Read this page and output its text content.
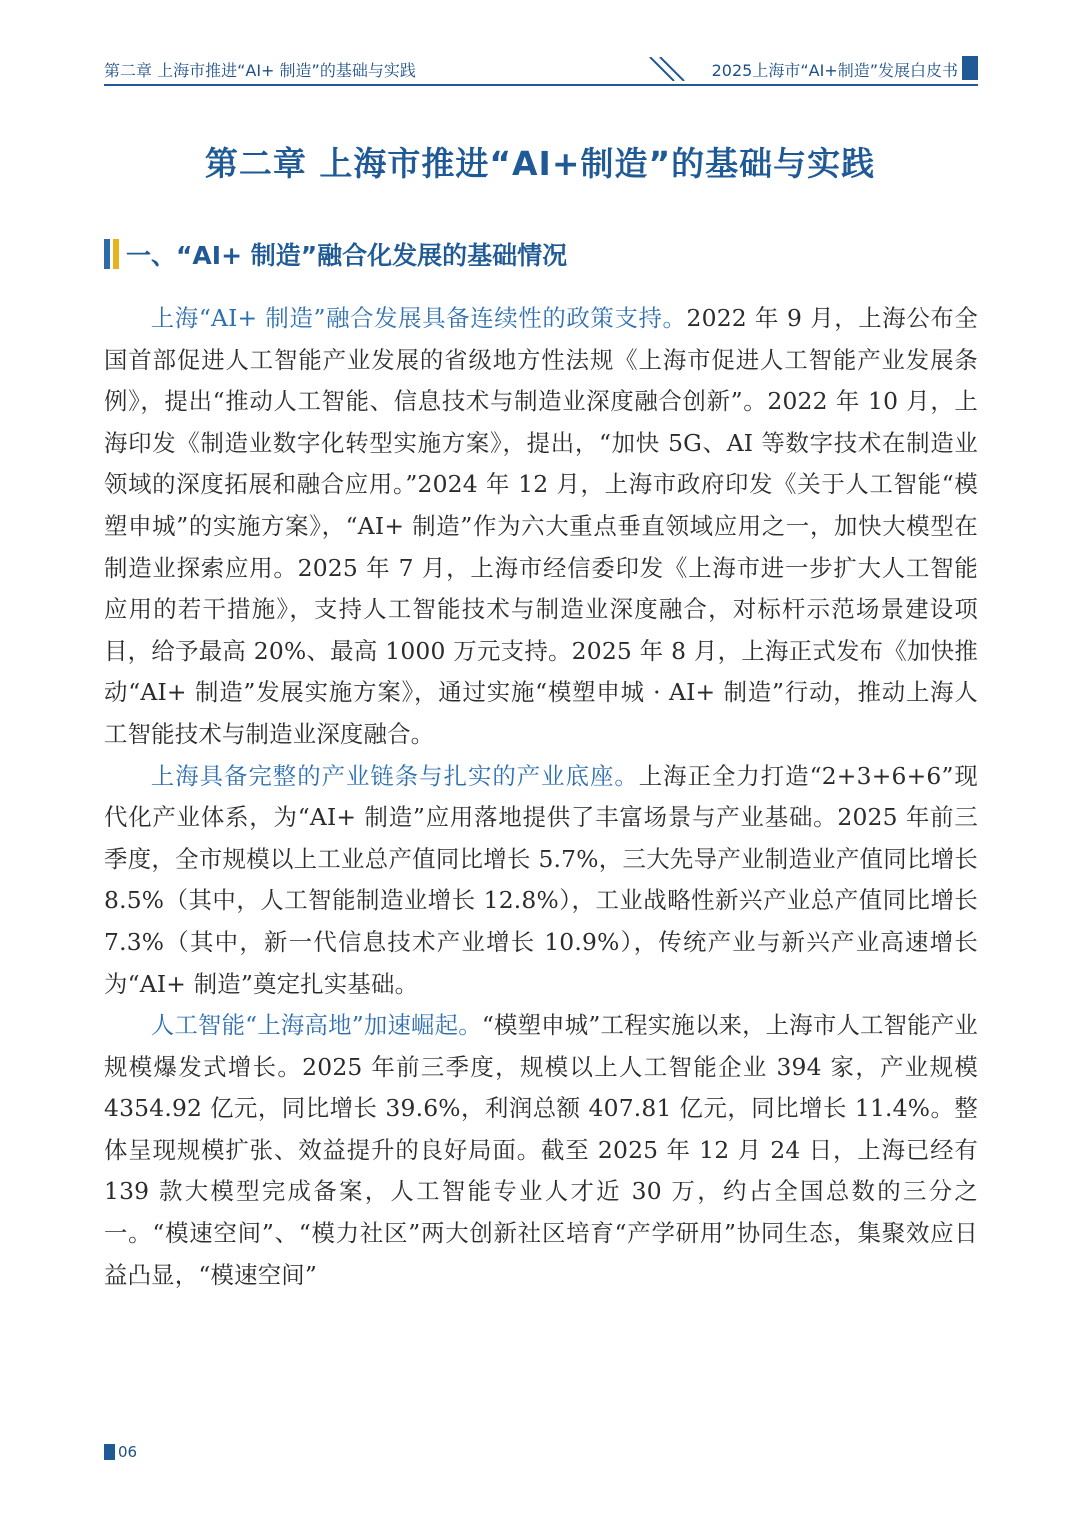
第二章 上海市推进“AI+ 制造”的基础与实践	2025上海市“AI+制造”发展白皮书
第二章 上海市推进“AI+制造”的基础与实践
一、“AI+ 制造”融合化发展的基础情况

上海“AI+ 制造”融合发展具备连续性的政策支持。2022 年 9 月，上海公布全国首部促进人工智能产业发展的省级地方性法规《上海市促进人工智能产业发展条例》，提出“推动人工智能、信息技术与制造业深度融合创新”。2022 年 10 月，上海印发《制造业数字化转型实施方案》，提出，“加快 5G、AI 等数字技术在制造业领域的深度拓展和融合应用。”2024 年 12 月，上海市政府印发《关于人工智能“模塑申城”的实施方案》，“AI+ 制造”作为六大重点垂直领域应用之一，加快大模型在制造业探索应用。2025 年 7 月，上海市经信委印发《上海市进一步扩大人工智能应用的若干措施》，支持人工智能技术与制造业深度融合，对标杆示范场景建设项目，给予最高 20%、最高 1000 万元支持。2025 年 8 月，上海正式发布《加快推动“AI+ 制造”发展实施方案》，通过实施“模塑申城 · AI+ 制造”行动，推动上海人工智能技术与制造业深度融合。

上海具备完整的产业链条与扎实的产业底座。上海正全力打造“2+3+6+6”现代化产业体系，为“AI+ 制造”应用落地提供了丰富场景与产业基础。2025 年前三季度，全市规模以上工业总产值同比增长 5.7%，三大先导产业制造业产值同比增长 8.5%（其中，人工智能制造业增长 12.8%），工业战略性新兴产业总产值同比增长 7.3%（其中，新一代信息技术产业增长 10.9%），传统产业与新兴产业高速增长为“AI+ 制造”奠定扎实基础。

人工智能“上海高地”加速崛起。“模塑申城”工程实施以来，上海市人工智能产业规模爆发式增长。2025 年前三季度，规模以上人工智能企业 394 家，产业规模 4354.92 亿元，同比增长 39.6%，利润总额 407.81 亿元，同比增长 11.4%。整体呈现规模扩张、效益提升的良好局面。截至 2025 年 12 月 24 日，上海已经有 139 款大模型完成备案，人工智能专业人才近 30 万，约占全国总数的三分之一。“模速空间”、“模力社区”两大创新社区培育“产学研用”协同生态，集聚效应日益凸显，“模速空间”

06
